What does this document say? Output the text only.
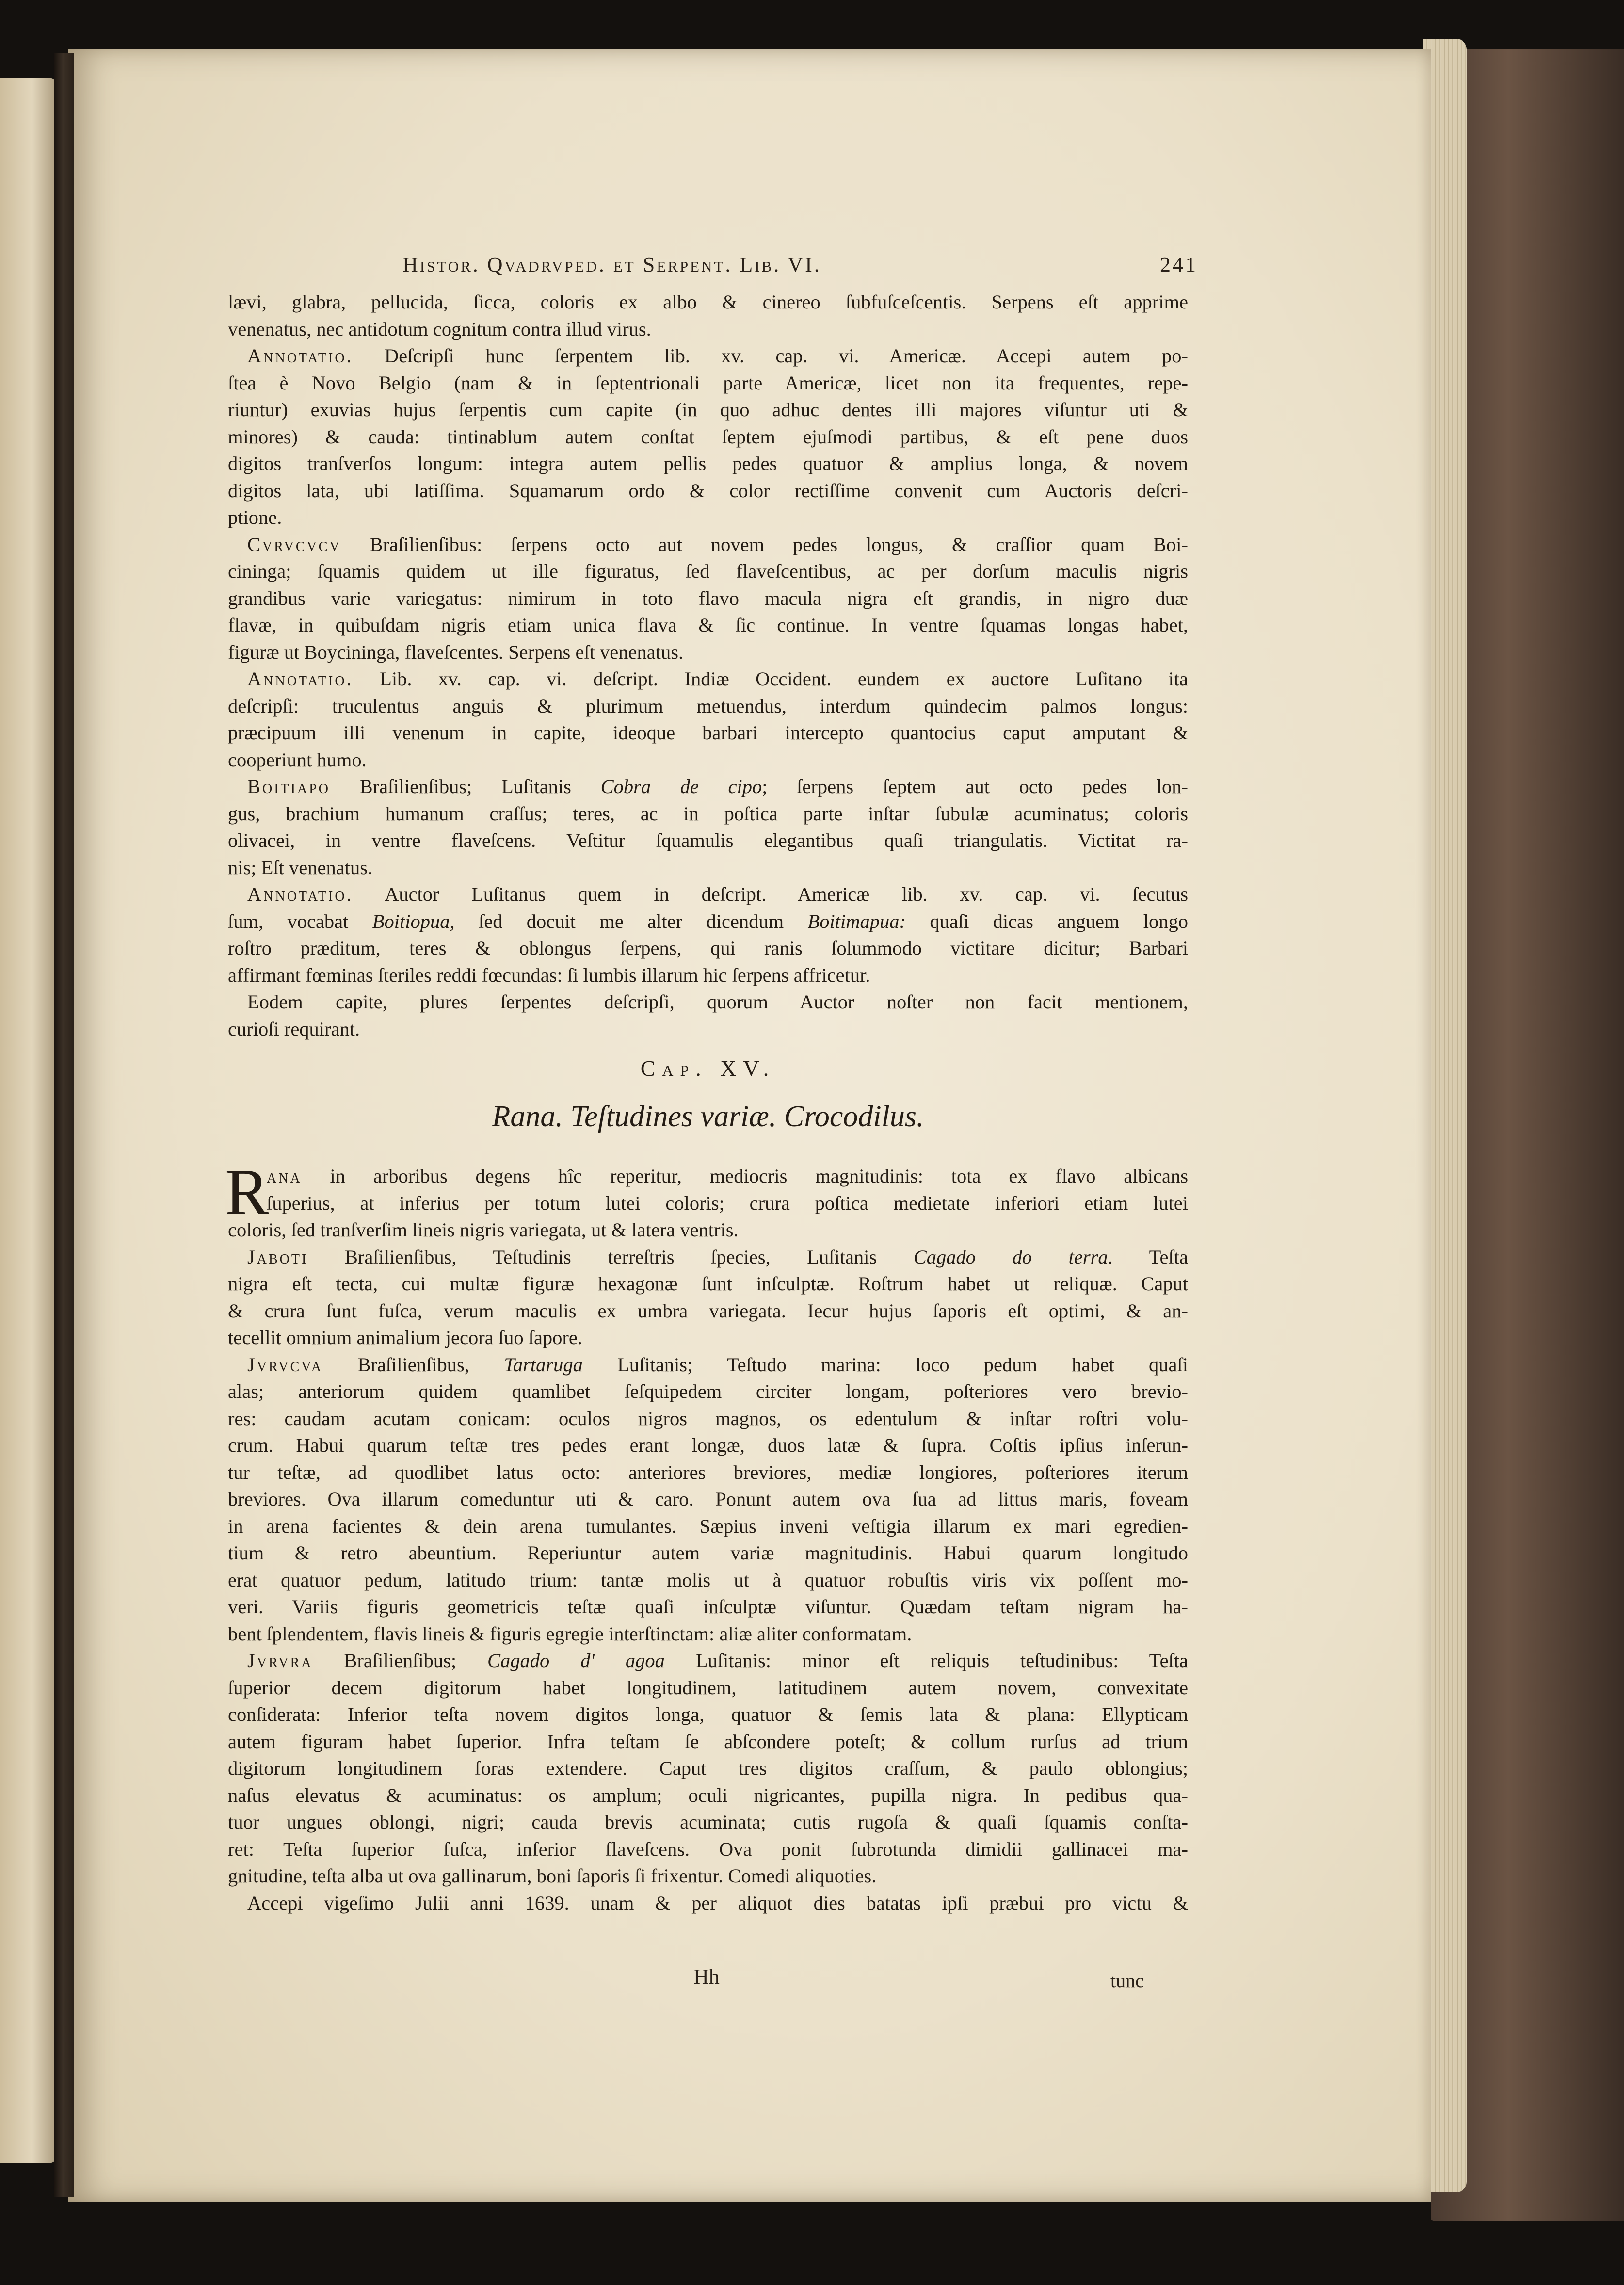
Histor. Qvadrvped. et Serpent. Lib. VI.	241
lævi, glabra, pellucida, ſicca, coloris ex albo & cinereo ſubfuſceſcentis. Serpens eſt apprime
venenatus, nec antidotum cognitum contra illud virus.
Annotatio. Deſcripſi hunc ſerpentem lib. xv. cap. vi. Americæ. Accepi autem po-
ſtea è Novo Belgio (nam & in ſeptentrionali parte Americæ, licet non ita frequentes, repe-
riuntur) exuvias hujus ſerpentis cum capite (in quo adhuc dentes illi majores viſuntur uti &
minores) & cauda: tintinablum autem conſtat ſeptem ejuſmodi partibus, & eſt pene duos
digitos tranſverſos longum: integra autem pellis pedes quatuor & amplius longa, & novem
digitos lata, ubi latiſſima. Squamarum ordo & color rectiſſime convenit cum Auctoris deſcri-
ptione.
Cvrvcvcv Braſilienſibus: ſerpens octo aut novem pedes longus, & craſſior quam Boi-
cininga; ſquamis quidem ut ille figuratus, ſed flaveſcentibus, ac per dorſum maculis nigris
grandibus varie variegatus: nimirum in toto flavo macula nigra eſt grandis, in nigro duæ
flavæ, in quibuſdam nigris etiam unica flava & ſic continue. In ventre ſquamas longas habet,
figuræ ut Boycininga, flaveſcentes. Serpens eſt venenatus.
Annotatio. Lib. xv. cap. vi. deſcript. Indiæ Occident. eundem ex auctore Luſitano ita
deſcripſi: truculentus anguis & plurimum metuendus, interdum quindecim palmos longus:
præcipuum illi venenum in capite, ideoque barbari intercepto quantocius caput amputant &
cooperiunt humo.
Boitiapo Braſilienſibus; Luſitanis Cobra de cipo; ſerpens ſeptem aut octo pedes lon-
gus, brachium humanum craſſus; teres, ac in poſtica parte inſtar ſubulæ acuminatus; coloris
olivacei, in ventre flaveſcens. Veſtitur ſquamulis elegantibus quaſi triangulatis. Victitat ra-
nis; Eſt venenatus.
Annotatio. Auctor Luſitanus quem in deſcript. Americæ lib. xv. cap. vi. ſecutus
ſum, vocabat Boitiopua, ſed docuit me alter dicendum Boitimapua: quaſi dicas anguem longo
roſtro præditum, teres & oblongus ſerpens, qui ranis ſolummodo victitare dicitur; Barbari
affirmant fœminas ſteriles reddi fœcundas: ſi lumbis illarum hic ſerpens affricetur.
Eodem capite, plures ſerpentes deſcripſi, quorum Auctor noſter non facit mentionem,
curioſi requirant.
Cap. XV.
Rana. Teſtudines variæ. Crocodilus.
R
ana in arboribus degens hîc reperitur, mediocris magnitudinis: tota ex flavo albicans
ſuperius, at inferius per totum lutei coloris; crura poſtica medietate inferiori etiam lutei
coloris, ſed tranſverſim lineis nigris variegata, ut & latera ventris.
Jaboti Braſilienſibus, Teſtudinis terreſtris ſpecies, Luſitanis Cagado do terra. Teſta
nigra eſt tecta, cui multæ figuræ hexagonæ ſunt inſculptæ. Roſtrum habet ut reliquæ. Caput
& crura ſunt fuſca, verum maculis ex umbra variegata. Iecur hujus ſaporis eſt optimi, & an-
tecellit omnium animalium jecora ſuo ſapore.
Jvrvcva Braſilienſibus, Tartaruga Luſitanis; Teſtudo marina: loco pedum habet quaſi
alas; anteriorum quidem quamlibet ſeſquipedem circiter longam, poſteriores vero brevio-
res: caudam acutam conicam: oculos nigros magnos, os edentulum & inſtar roſtri volu-
crum. Habui quarum teſtæ tres pedes erant longæ, duos latæ & ſupra. Coſtis ipſius inſerun-
tur teſtæ, ad quodlibet latus octo: anteriores breviores, mediæ longiores, poſteriores iterum
breviores. Ova illarum comeduntur uti & caro. Ponunt autem ova ſua ad littus maris, foveam
in arena facientes & dein arena tumulantes. Sæpius inveni veſtigia illarum ex mari egredien-
tium & retro abeuntium. Reperiuntur autem variæ magnitudinis. Habui quarum longitudo
erat quatuor pedum, latitudo trium: tantæ molis ut à quatuor robuſtis viris vix poſſent mo-
veri. Variis figuris geometricis teſtæ quaſi inſculptæ viſuntur. Quædam teſtam nigram ha-
bent ſplendentem, flavis lineis & figuris egregie interſtinctam: aliæ aliter conformatam.
Jvrvra Braſilienſibus; Cagado d' agoa Luſitanis: minor eſt reliquis teſtudinibus: Teſta
ſuperior decem digitorum habet longitudinem, latitudinem autem novem, convexitate
conſiderata: Inferior teſta novem digitos longa, quatuor & ſemis lata & plana: Ellypticam
autem figuram habet ſuperior. Infra teſtam ſe abſcondere poteſt; & collum rurſus ad trium
digitorum longitudinem foras extendere. Caput tres digitos craſſum, & paulo oblongius;
naſus elevatus & acuminatus: os amplum; oculi nigricantes, pupilla nigra. In pedibus qua-
tuor ungues oblongi, nigri; cauda brevis acuminata; cutis rugoſa & quaſi ſquamis conſta-
ret: Teſta ſuperior fuſca, inferior flaveſcens. Ova ponit ſubrotunda dimidii gallinacei ma-
gnitudine, teſta alba ut ova gallinarum, boni ſaporis ſi frixentur. Comedi aliquoties.
Accepi vigeſimo Julii anni 1639. unam & per aliquot dies batatas ipſi præbui pro victu &
Hh	tunc
